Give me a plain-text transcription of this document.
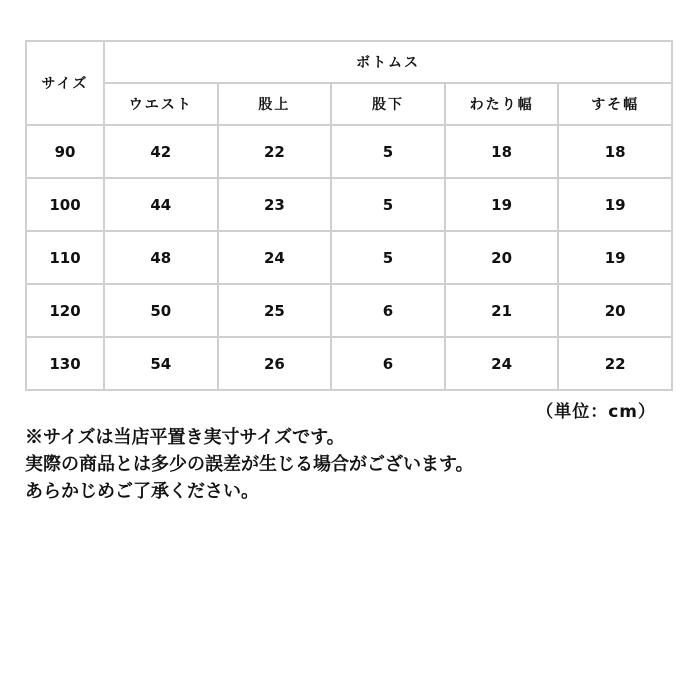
サイズ	ボトムス				
	ウエスト	股上	股下	わたり幅	すそ幅
90	42	22	5	18	18
100	44	23	5	19	19
110	48	24	5	20	19
120	50	25	6	21	20
130	54	26	6	24	22
（単位：cm）
※サイズは当店平置き実寸サイズです。
実際の商品とは多少の誤差が生じる場合がございます。
あらかじめご了承ください。
